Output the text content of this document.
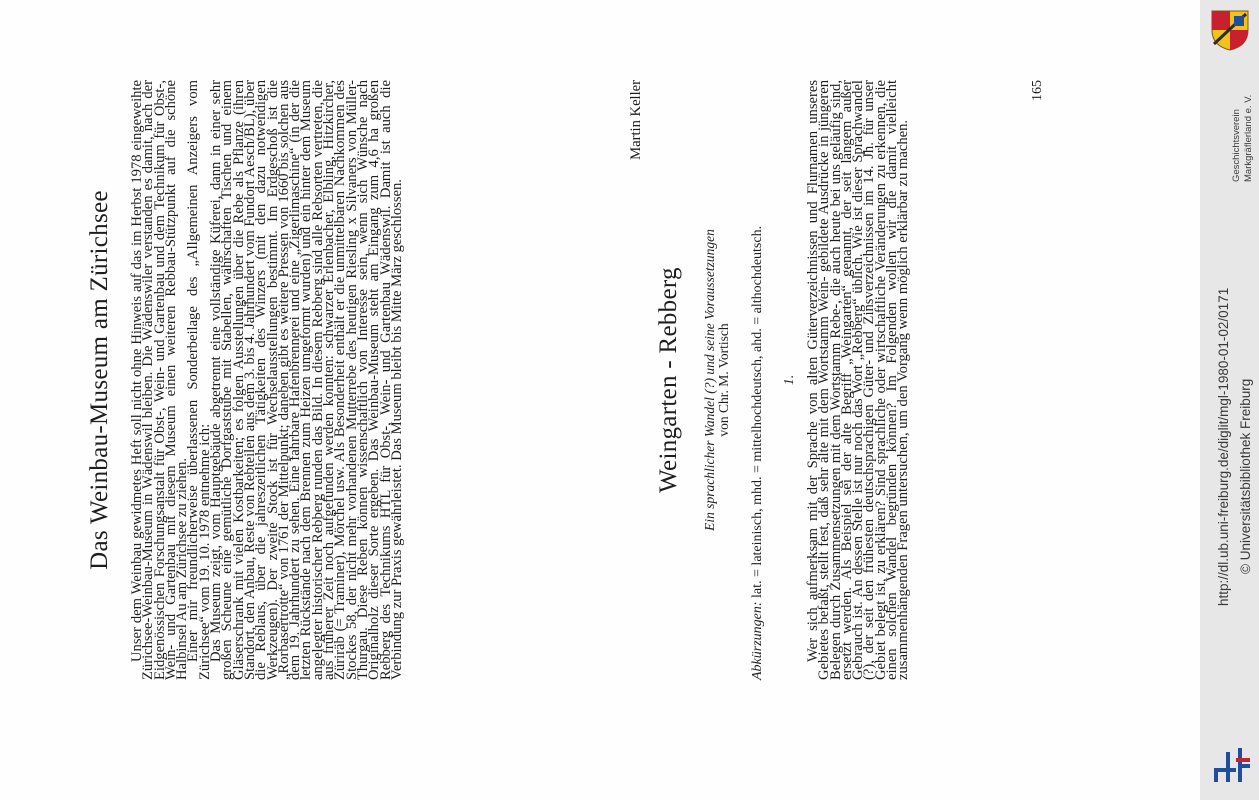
Das Weinbau-Museum am Zürichsee Unser dem Weinbau gewidmetes Heft soll nicht ohne Hinweis auf das im Herbst 1978 eingeweihte Zürichsee-Weinbau-Museum in Wädenswil bleiben. Die Wädenswiler verstanden es damit, nach der Eidgenössischen Forschungsanstalt für Obst-, Wein- und Gartenbau und dem Technikum für Obst-, Wein- und Gartenbau mit diesem Museum einen weiteren Rebbau-Stützpunkt auf die schöne Halbinsel Au am Zürichsee zu ziehen.

Einer mir freundlicherweise überlassenen Sonderbeilage des „Allgemeinen Anzeigers vom Zürichsee“ vom 19. 10. 1978 entnehme ich:

Das Museum zeigt, vom Hauptgebäude abgetrennt eine vollständige Küferei, dann in einer sehr großen Scheune eine gemütliche Dorfgaststube mit Stabellen, währschaften Tischen und einem Gläserschrank mit vielen Kostbarkeiten; es folgen Ausstellungen über die Rebe als Pflanze (ihren Standort, den Anbau, Reste von Rebteilen aus dem 3. bis 4. Jahrhundert vom Fundort Aesch/BL), über die Reblaus, über die jahreszeitlichen Tätigkeiten des Winzers (mit den dazu notwendigen Werkzeugen). Der zweite Stock ist für Wechselausstellungen bestimmt. Im Erdgeschoß ist die „Rorbasertrotte“ von 1761 der Mittelpunkt; daneben gibt es weitere Pressen von 1660 bis solchen aus dem 19. Jahrhundert zu sehen. Eine fahrbare Hafenbrennerei und eine „Zigerlimaschine“ (in der die letzten Rückstände nach dem Brennen zum Heizen umgeformt wurden) und ein hinter dem Museum angelegter historischer Rebberg runden das Bild. In diesem Rebberg sind alle Rebsorten vertreten, die aus früherer Zeit noch aufgefunden werden konnten: schwarzer Erlenbacher, Elbling, Hitzkircher, Züriräb (= Traminer), Mörchel usw. Als Besonderheit enthält er die unmittelbaren Nachkommen des Stockes 58, der nicht mehr vorhandenen Mutterrebe des heutigen Riesling x Silvaners von Müller-Thurgau. Diese Reben können wissenschaftlich von Interesse sein, wenn sich Wünsche nach Originalholz dieser Sorte ergeben. Das Weinbau-Museum steht am Eingang zum 4,6 ha großen Rebberg des Technikums HTL für Obst-, Wein- und Gartenbau Wädenswil. Damit ist auch die Verbindung zur Praxis gewährleistet. Das Museum bleibt bis Mitte März geschlossen.

Martin Keller
Weingarten - Rebberg Ein sprachlicher Wandel (?) und seine Voraussetzungen von Chr. M. Vortisch
Abkürzungen: lat. = lateinisch, mhd. = mittelhochdeutsch, ahd. = althochdeutsch. 1. Wer sich aufmerksam mit der Sprache von alten Güterverzeichnissen und Flurnamen unseres Gebietes befaßt, stellt fest, daß sehr alte mit dem Wortstamm Wein- gebildete Ausdrücke in jüngeren Belegen durch Zusammensetzungen mit dem Wortstamm Rebe-, die auch heute bei uns geläufig sind, ersetzt werden. Als Beispiel sei der alte Begriff „Weingarten“ genannt, der seit langem außer Gebrauch ist. An dessen Stelle ist nur noch das Wort „Rebberg“ üblich. Wie ist dieser Sprachwandel (?), der seit den frühesten deutschsprachigen Güter- und Zinsverzeichnissen im 14. Jh. für unser Gebiet belegt ist, zu erklären? Sind sprachliche oder wirtschaftliche Veränderungen zu erkennen, die einen solchen Wandel begründen können? Im Folgenden wollen wir die damit vielleicht zusammenhängenden Fragen untersuchen, um den Vorgang wenn möglich erklärbar zu machen.

165
Geschichtsverein Markgräflerland e. V.
http://dl.ub.uni-freiburg.de/diglit/mgl-1980-01-02/0171 © Universitätsbibliothek Freiburg
